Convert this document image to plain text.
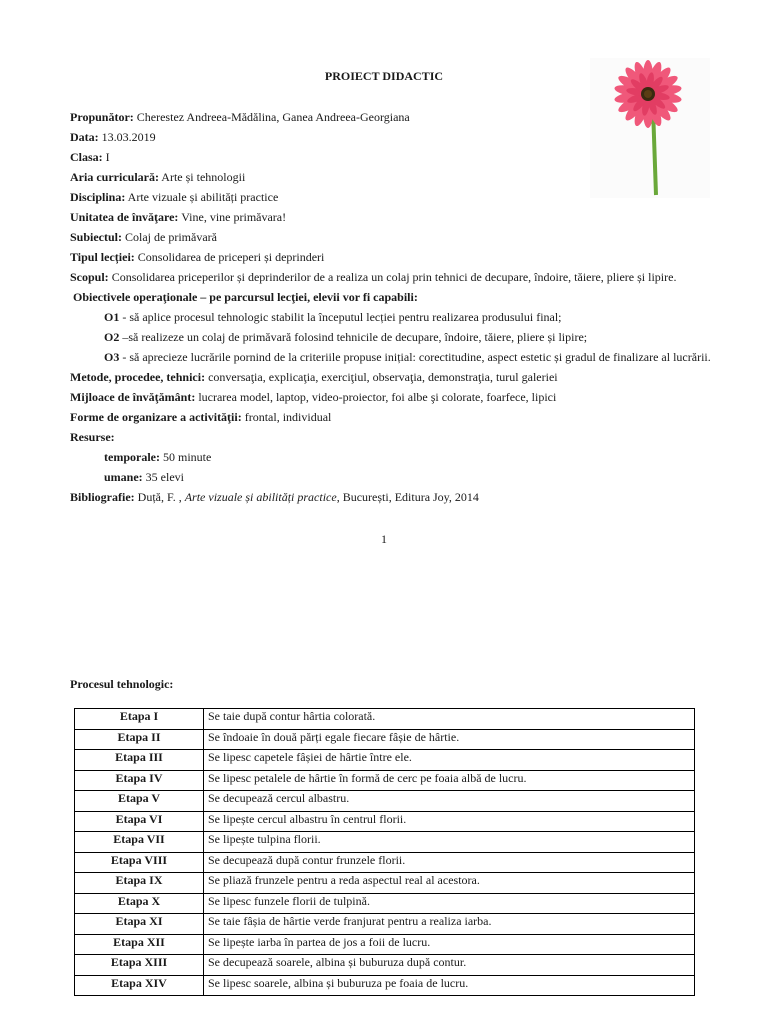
PROIECT DIDACTIC
Propunător: Cherestez Andreea-Mădălina, Ganea Andreea-Georgiana
Data: 13.03.2019
Clasa: I
Aria curriculară: Arte și tehnologii
Disciplina: Arte vizuale și abilități practice
Unitatea de învăţare: Vine, vine primăvara!
Subiectul: Colaj de primăvară
Tipul lecției: Consolidarea de priceperi și deprinderi
Scopul: Consolidarea priceperilor și deprinderilor de a realiza un colaj prin tehnici de decupare, îndoire, tăiere, pliere și lipire.
Obiectivele operaţionale – pe parcursul lecţiei, elevii vor fi capabili:
O1 - să aplice procesul tehnologic stabilit la începutul lecției pentru realizarea produsului final;
O2 –să realizeze un colaj de primăvară folosind tehnicile de decupare, îndoire, tăiere, pliere și lipire;
O3 - să aprecieze lucrările pornind de la criteriile propuse inițial: corectitudine, aspect estetic și gradul de finalizare al lucrării.
Metode, procedee, tehnici: conversaţia, explicaţia, exerciţiul, observaţia, demonstraţia, turul galeriei
Mijloace de învăţământ: lucrarea model, laptop, video-proiector, foi albe şi colorate, foarfece, lipici
Forme de organizare a activităţii: frontal, individual
Resurse:
temporale: 50 minute
umane: 35 elevi
Bibliografie: Duță, F. , Arte vizuale și abilități practice, București, Editura Joy, 2014
1
Procesul tehnologic:
Etapa I	Se taie după contur hârtia colorată.
Etapa II	Se îndoaie în două părți egale fiecare fâșie de hârtie.
Etapa III	Se lipesc capetele fâșiei de hârtie între ele.
Etapa IV	Se lipesc petalele de hârtie în formă de cerc pe foaia albă de lucru.
Etapa V	Se decupează cercul albastru.
Etapa VI	Se lipește cercul albastru în centrul florii.
Etapa VII	Se lipește tulpina florii.
Etapa VIII	Se decupează după contur frunzele florii.
Etapa IX	Se pliază frunzele pentru a reda aspectul real al acestora.
Etapa X	Se lipesc funzele florii de tulpină.
Etapa XI	Se taie fâșia de hârtie verde franjurat pentru a realiza iarba.
Etapa XII	Se lipește iarba în partea de jos a foii de lucru.
Etapa XIII	Se decupează soarele, albina și buburuza după contur.
Etapa XIV	Se lipesc soarele, albina și buburuza pe foaia de lucru.
